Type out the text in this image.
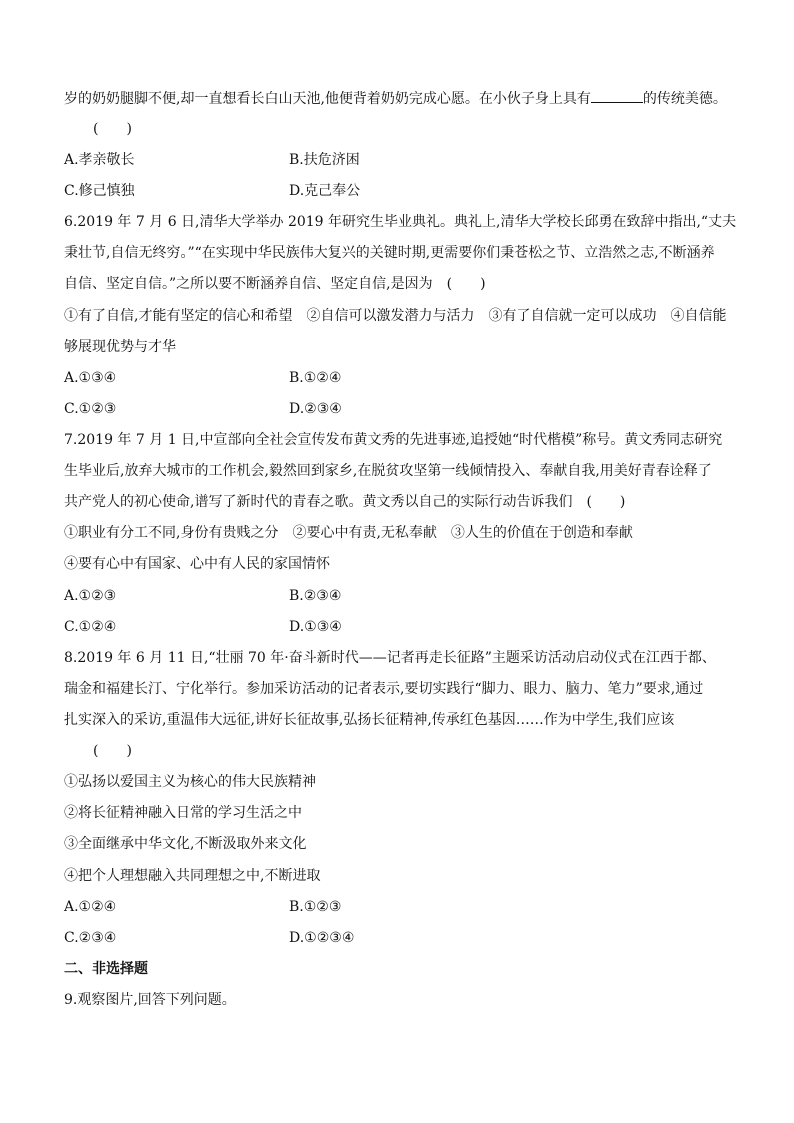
岁的奶奶腿脚不便,却一直想看长白山天池,他便背着奶奶完成心愿。在小伙子身上具有	的传统美德。
(　　)
A.孝亲敬长	B.扶危济困
C.修己慎独	D.克己奉公
6.2019 年 7 月 6 日,清华大学举办 2019 年研究生毕业典礼。典礼上,清华大学校长邱勇在致辞中指出,“丈夫
秉壮节,自信无终穷。”“在实现中华民族伟大复兴的关键时期,更需要你们秉苍松之节、立浩然之志,不断涵养
自信、坚定自信。”之所以要不断涵养自信、坚定自信,是因为　(　　)
①有了自信,才能有坚定的信心和希望　②自信可以激发潜力与活力　③有了自信就一定可以成功　④自信能
够展现优势与才华
A.①③④	B.①②④
C.①②③	D.②③④
7.2019 年 7 月 1 日,中宣部向全社会宣传发布黄文秀的先进事迹,追授她“时代楷模”称号。黄文秀同志研究
生毕业后,放弃大城市的工作机会,毅然回到家乡,在脱贫攻坚第一线倾情投入、奉献自我,用美好青春诠释了
共产党人的初心使命,谱写了新时代的青春之歌。黄文秀以自己的实际行动告诉我们　(　　)
①职业有分工不同,身份有贵贱之分　②要心中有责,无私奉献　③人生的价值在于创造和奉献
④要有心中有国家、心中有人民的家国情怀
A.①②③	B.②③④
C.①②④	D.①③④
8.2019 年 6 月 11 日,“壮丽 70 年·奋斗新时代——记者再走长征路”主题采访活动启动仪式在江西于都、
瑞金和福建长汀、宁化举行。参加采访活动的记者表示,要切实践行“脚力、眼力、脑力、笔力”要求,通过
扎实深入的采访,重温伟大远征,讲好长征故事,弘扬长征精神,传承红色基因……作为中学生,我们应该
(　　)
①弘扬以爱国主义为核心的伟大民族精神
②将长征精神融入日常的学习生活之中
③全面继承中华文化,不断汲取外来文化
④把个人理想融入共同理想之中,不断进取
A.①②④	B.①②③
C.②③④	D.①②③④
二、非选择题
9.观察图片,回答下列问题。
